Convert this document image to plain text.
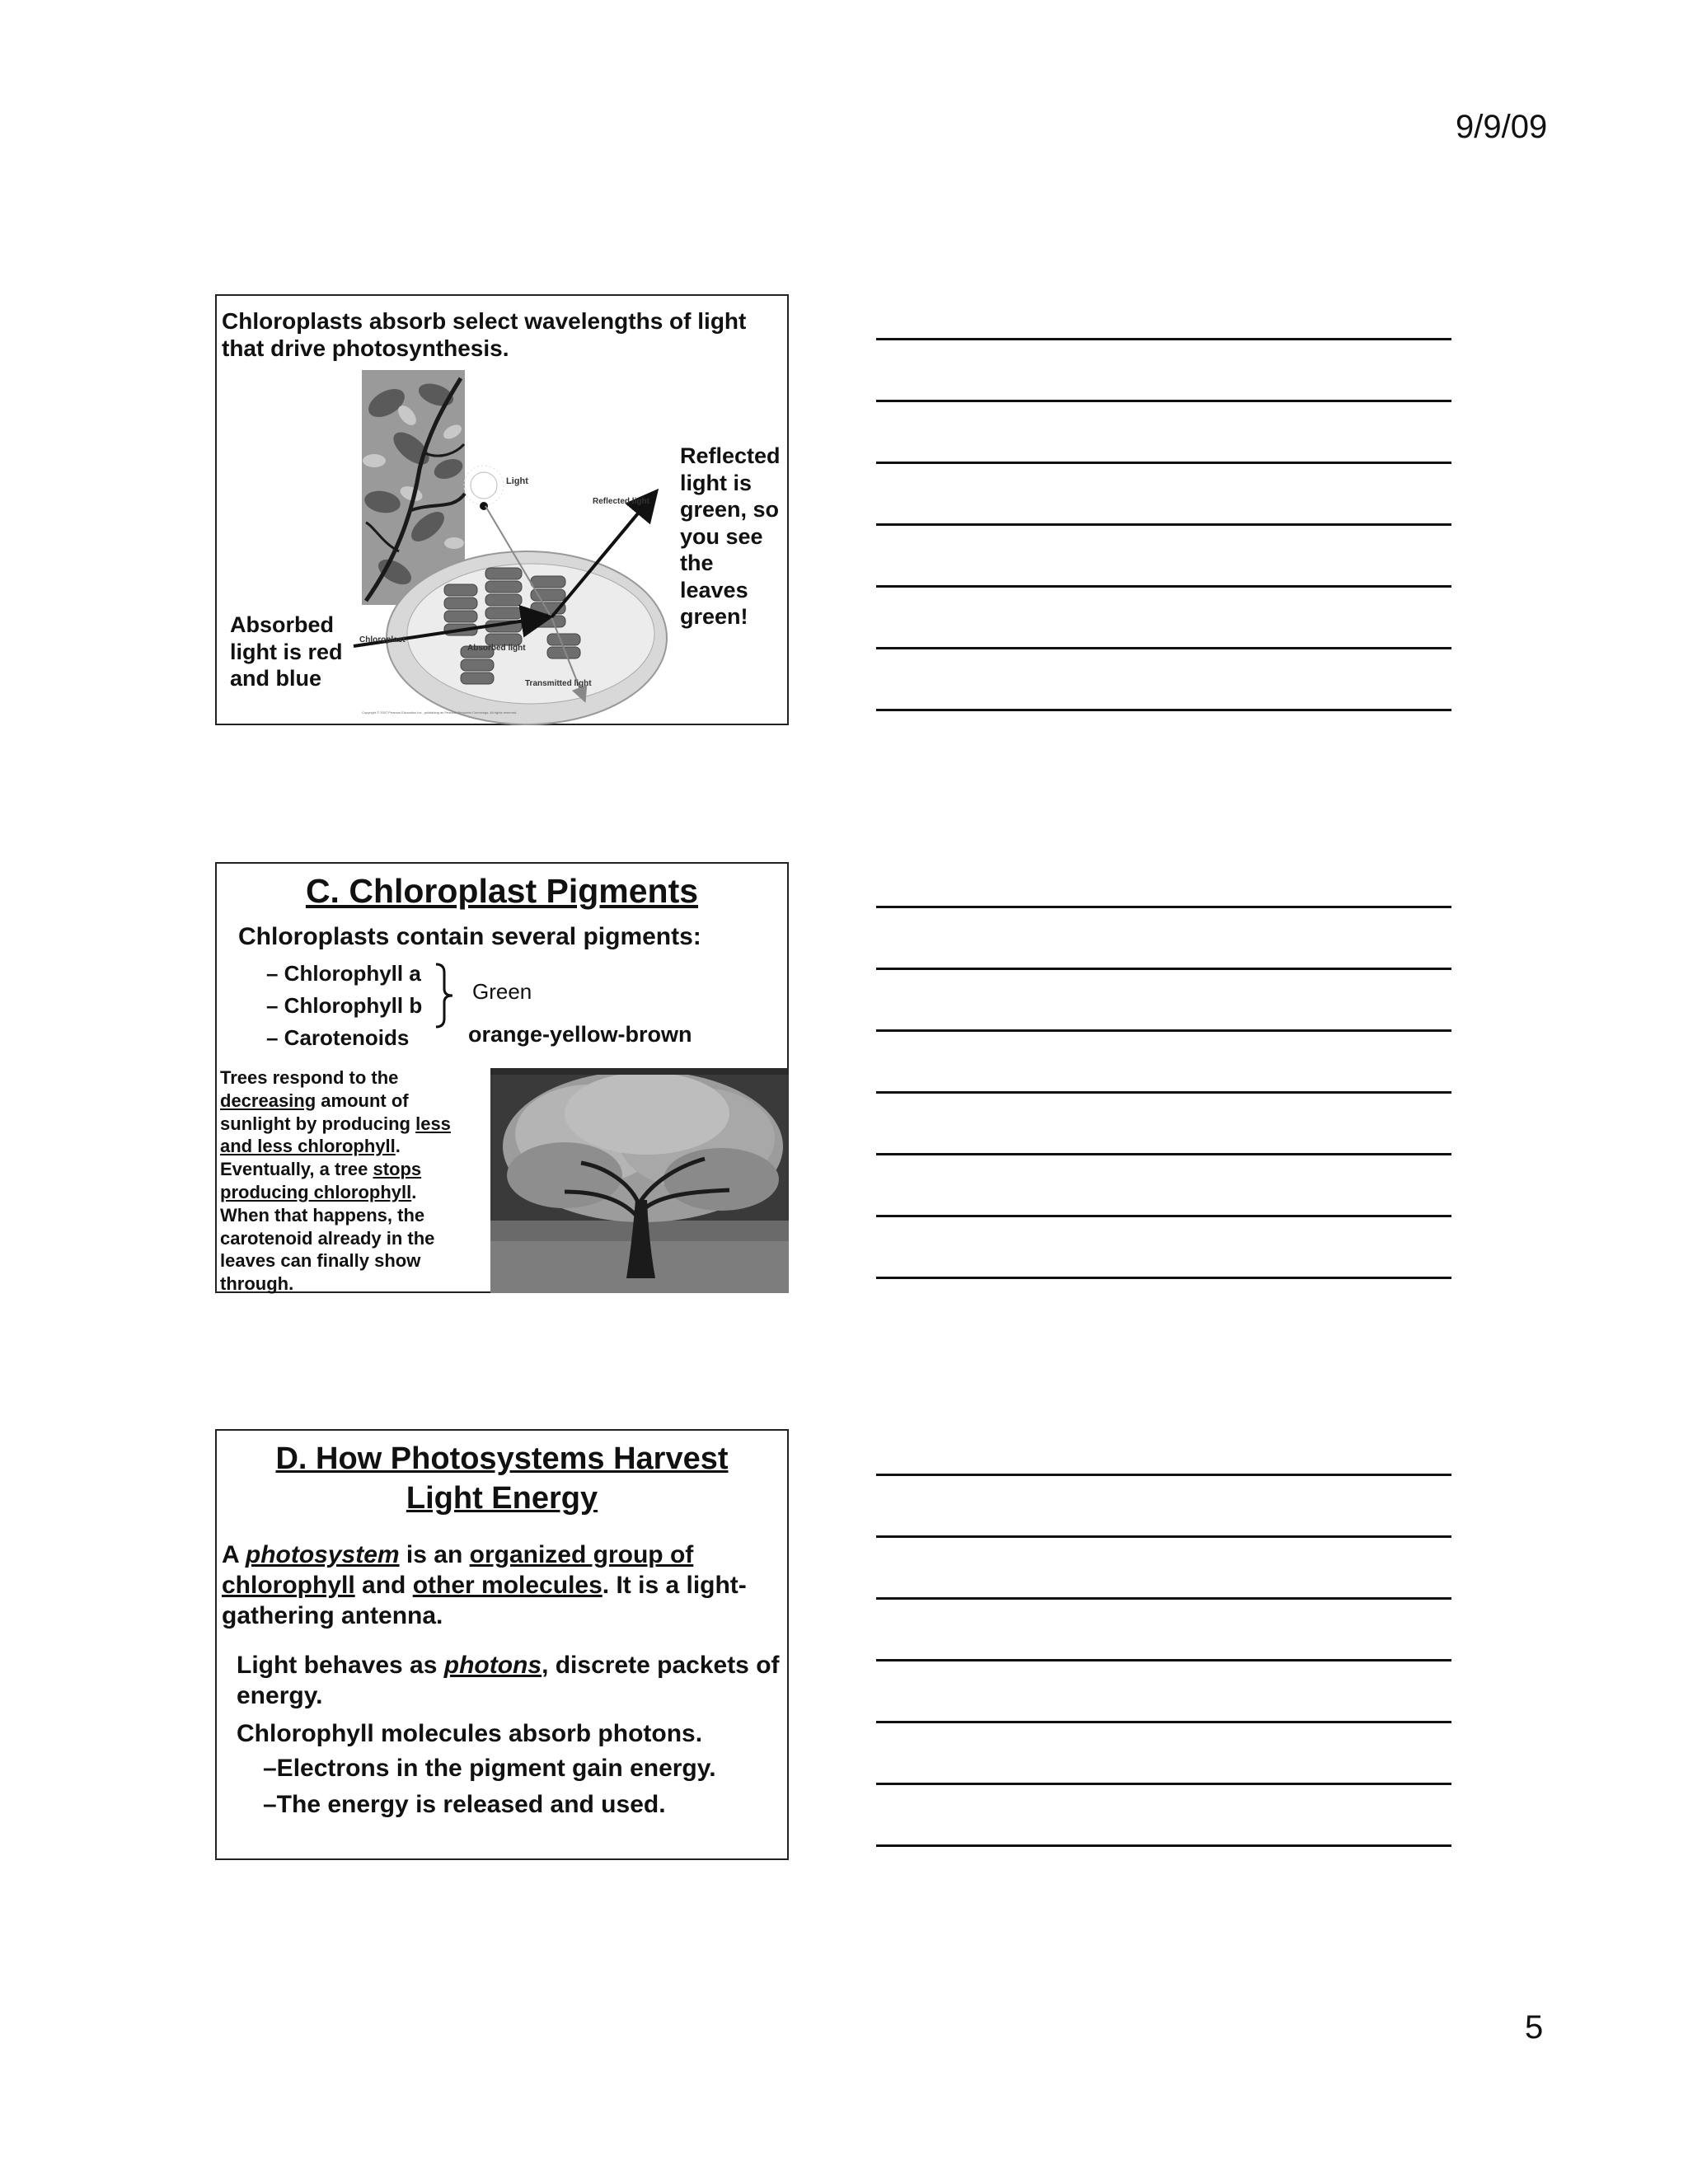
9/9/09
Chloroplasts absorb select wavelengths of light that drive photosynthesis.
Light
Reflected light
Chloroplast
Absorbed light
Transmitted light
Copyright © 2007 Pearson Education Inc., publishing as Pearson Benjamin Cummings. All rights reserved.
Reflected light is green, so you see the leaves green!
Absorbed light is red and blue
C. Chloroplast Pigments
Chloroplasts contain several pigments:
– Chlorophyll a
– Chlorophyll b
– Carotenoids
Green
orange-yellow-brown
Trees respond to the decreasing amount of sunlight by producing less and less chlorophyll. Eventually, a tree stops producing chlorophyll. When that happens, the carotenoid already in the leaves can finally show through.
D. How Photosystems Harvest
Light Energy
A photosystem is an organized group of chlorophyll and other molecules. It is a light-gathering antenna.
Light behaves as photons, discrete packets of energy.
Chlorophyll molecules absorb photons.
–Electrons in the pigment gain energy.
–The energy is released and used.
5
